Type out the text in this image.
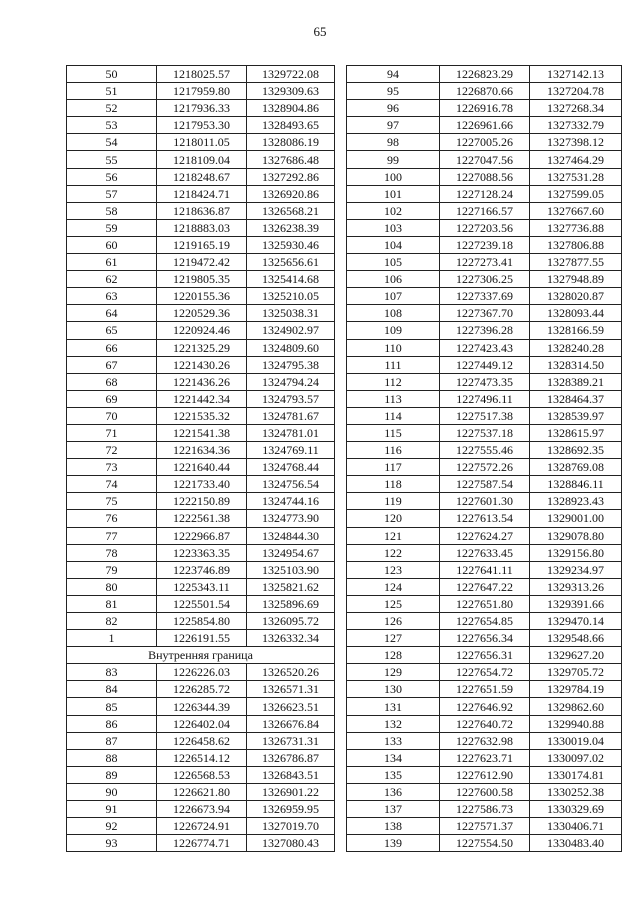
65
50	1218025.57	1329722.08
51	1217959.80	1329309.63
52	1217936.33	1328904.86
53	1217953.30	1328493.65
54	1218011.05	1328086.19
55	1218109.04	1327686.48
56	1218248.67	1327292.86
57	1218424.71	1326920.86
58	1218636.87	1326568.21
59	1218883.03	1326238.39
60	1219165.19	1325930.46
61	1219472.42	1325656.61
62	1219805.35	1325414.68
63	1220155.36	1325210.05
64	1220529.36	1325038.31
65	1220924.46	1324902.97
66	1221325.29	1324809.60
67	1221430.26	1324795.38
68	1221436.26	1324794.24
69	1221442.34	1324793.57
70	1221535.32	1324781.67
71	1221541.38	1324781.01
72	1221634.36	1324769.11
73	1221640.44	1324768.44
74	1221733.40	1324756.54
75	1222150.89	1324744.16
76	1222561.38	1324773.90
77	1222966.87	1324844.30
78	1223363.35	1324954.67
79	1223746.89	1325103.90
80	1225343.11	1325821.62
81	1225501.54	1325896.69
82	1225854.80	1326095.72
1	1226191.55	1326332.34
Внутренняя граница		
83	1226226.03	1326520.26
84	1226285.72	1326571.31
85	1226344.39	1326623.51
86	1226402.04	1326676.84
87	1226458.62	1326731.31
88	1226514.12	1326786.87
89	1226568.53	1326843.51
90	1226621.80	1326901.22
91	1226673.94	1326959.95
92	1226724.91	1327019.70
93	1226774.71	1327080.43
94	1226823.29	1327142.13
95	1226870.66	1327204.78
96	1226916.78	1327268.34
97	1226961.66	1327332.79
98	1227005.26	1327398.12
99	1227047.56	1327464.29
100	1227088.56	1327531.28
101	1227128.24	1327599.05
102	1227166.57	1327667.60
103	1227203.56	1327736.88
104	1227239.18	1327806.88
105	1227273.41	1327877.55
106	1227306.25	1327948.89
107	1227337.69	1328020.87
108	1227367.70	1328093.44
109	1227396.28	1328166.59
110	1227423.43	1328240.28
111	1227449.12	1328314.50
112	1227473.35	1328389.21
113	1227496.11	1328464.37
114	1227517.38	1328539.97
115	1227537.18	1328615.97
116	1227555.46	1328692.35
117	1227572.26	1328769.08
118	1227587.54	1328846.11
119	1227601.30	1328923.43
120	1227613.54	1329001.00
121	1227624.27	1329078.80
122	1227633.45	1329156.80
123	1227641.11	1329234.97
124	1227647.22	1329313.26
125	1227651.80	1329391.66
126	1227654.85	1329470.14
127	1227656.34	1329548.66
128	1227656.31	1329627.20
129	1227654.72	1329705.72
130	1227651.59	1329784.19
131	1227646.92	1329862.60
132	1227640.72	1329940.88
133	1227632.98	1330019.04
134	1227623.71	1330097.02
135	1227612.90	1330174.81
136	1227600.58	1330252.38
137	1227586.73	1330329.69
138	1227571.37	1330406.71
139	1227554.50	1330483.40
